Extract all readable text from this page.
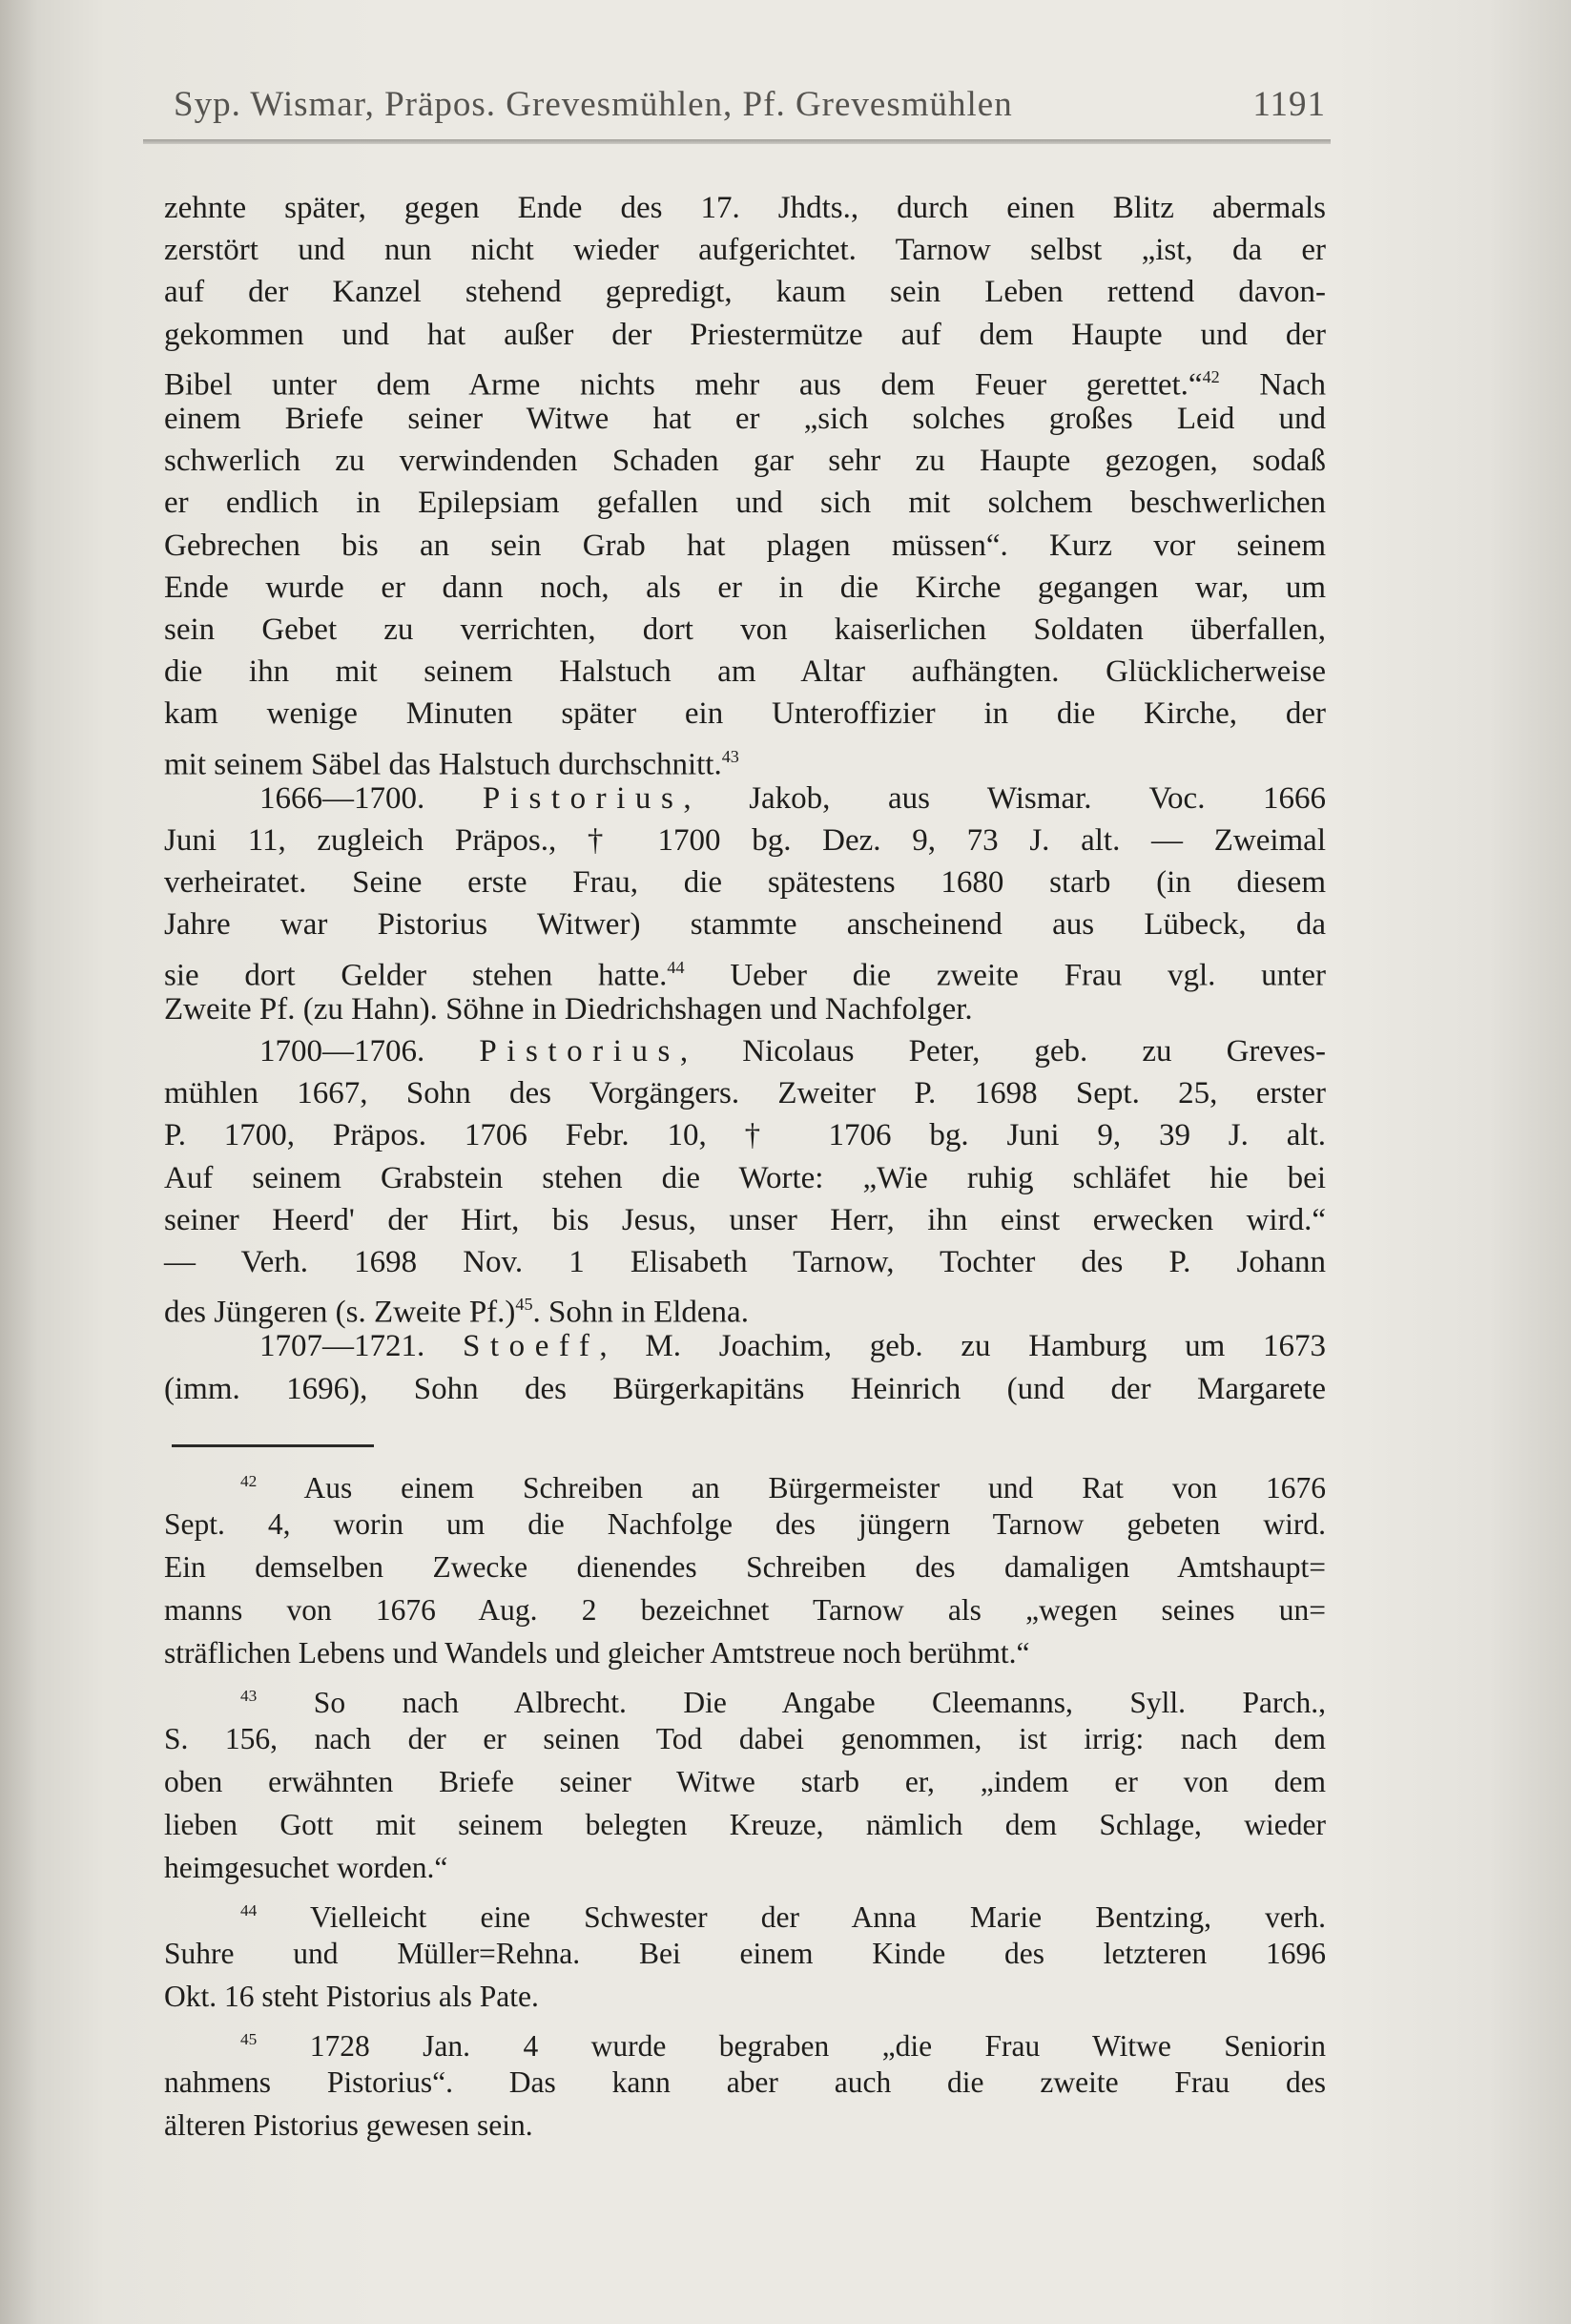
Syp. Wismar, Präpos. Grevesmühlen, Pf. Grevesmühlen	1191
zehnte später, gegen Ende des 17. Jhdts., durch einen Blitz abermals
zerstört und nun nicht wieder aufgerichtet. Tarnow selbst „ist, da er
auf der Kanzel stehend gepredigt, kaum sein Leben rettend davon-
gekommen und hat außer der Priestermütze auf dem Haupte und der
Bibel unter dem Arme nichts mehr aus dem Feuer gerettet.“$^{42}$ Nach
einem Briefe seiner Witwe hat er „sich solches großes Leid und
schwerlich zu verwindenden Schaden gar sehr zu Haupte gezogen, sodaß
er endlich in Epilepsiam gefallen und sich mit solchem beschwerlichen
Gebrechen bis an sein Grab hat plagen müssen“. Kurz vor seinem
Ende wurde er dann noch, als er in die Kirche gegangen war, um
sein Gebet zu verrichten, dort von kaiserlichen Soldaten überfallen,
die ihn mit seinem Halstuch am Altar aufhängten. Glücklicherweise
kam wenige Minuten später ein Unteroffizier in die Kirche, der
mit seinem Säbel das Halstuch durchschnitt.$^{43}$
1666—1700. Pistorius, Jakob, aus Wismar. Voc. 1666
Juni 11, zugleich Präpos., † 1700 bg. Dez. 9, 73 J. alt. — Zweimal
verheiratet. Seine erste Frau, die spätestens 1680 starb (in diesem
Jahre war Pistorius Witwer) stammte anscheinend aus Lübeck, da
sie dort Gelder stehen hatte.$^{44}$ Ueber die zweite Frau vgl. unter
Zweite Pf. (zu Hahn). Söhne in Diedrichshagen und Nachfolger.
1700—1706. Pistorius, Nicolaus Peter, geb. zu Greves-
mühlen 1667, Sohn des Vorgängers. Zweiter P. 1698 Sept. 25, erster
P. 1700, Präpos. 1706 Febr. 10, † 1706 bg. Juni 9, 39 J. alt.
Auf seinem Grabstein stehen die Worte: „Wie ruhig schläfet hie bei
seiner Heerd' der Hirt, bis Jesus, unser Herr, ihn einst erwecken wird.“
— Verh. 1698 Nov. 1 Elisabeth Tarnow, Tochter des P. Johann
des Jüngeren (s. Zweite Pf.)$^{45}$. Sohn in Eldena.
1707—1721. Stoeff, M. Joachim, geb. zu Hamburg um 1673
(imm. 1696), Sohn des Bürgerkapitäns Heinrich (und der Margarete
$^{42}$ Aus einem Schreiben an Bürgermeister und Rat von 1676
Sept. 4, worin um die Nachfolge des jüngern Tarnow gebeten wird.
Ein demselben Zwecke dienendes Schreiben des damaligen Amtshaupt=
manns von 1676 Aug. 2 bezeichnet Tarnow als „wegen seines un=
sträflichen Lebens und Wandels und gleicher Amtstreue noch berühmt.“
$^{43}$ So nach Albrecht. Die Angabe Cleemanns, Syll. Parch.,
S. 156, nach der er seinen Tod dabei genommen, ist irrig: nach dem
oben erwähnten Briefe seiner Witwe starb er, „indem er von dem
lieben Gott mit seinem belegten Kreuze, nämlich dem Schlage, wieder
heimgesuchet worden.“
$^{44}$ Vielleicht eine Schwester der Anna Marie Bentzing, verh.
Suhre und Müller=Rehna. Bei einem Kinde des letzteren 1696
Okt. 16 steht Pistorius als Pate.
$^{45}$ 1728 Jan. 4 wurde begraben „die Frau Witwe Seniorin
nahmens Pistorius“. Das kann aber auch die zweite Frau des
älteren Pistorius gewesen sein.
